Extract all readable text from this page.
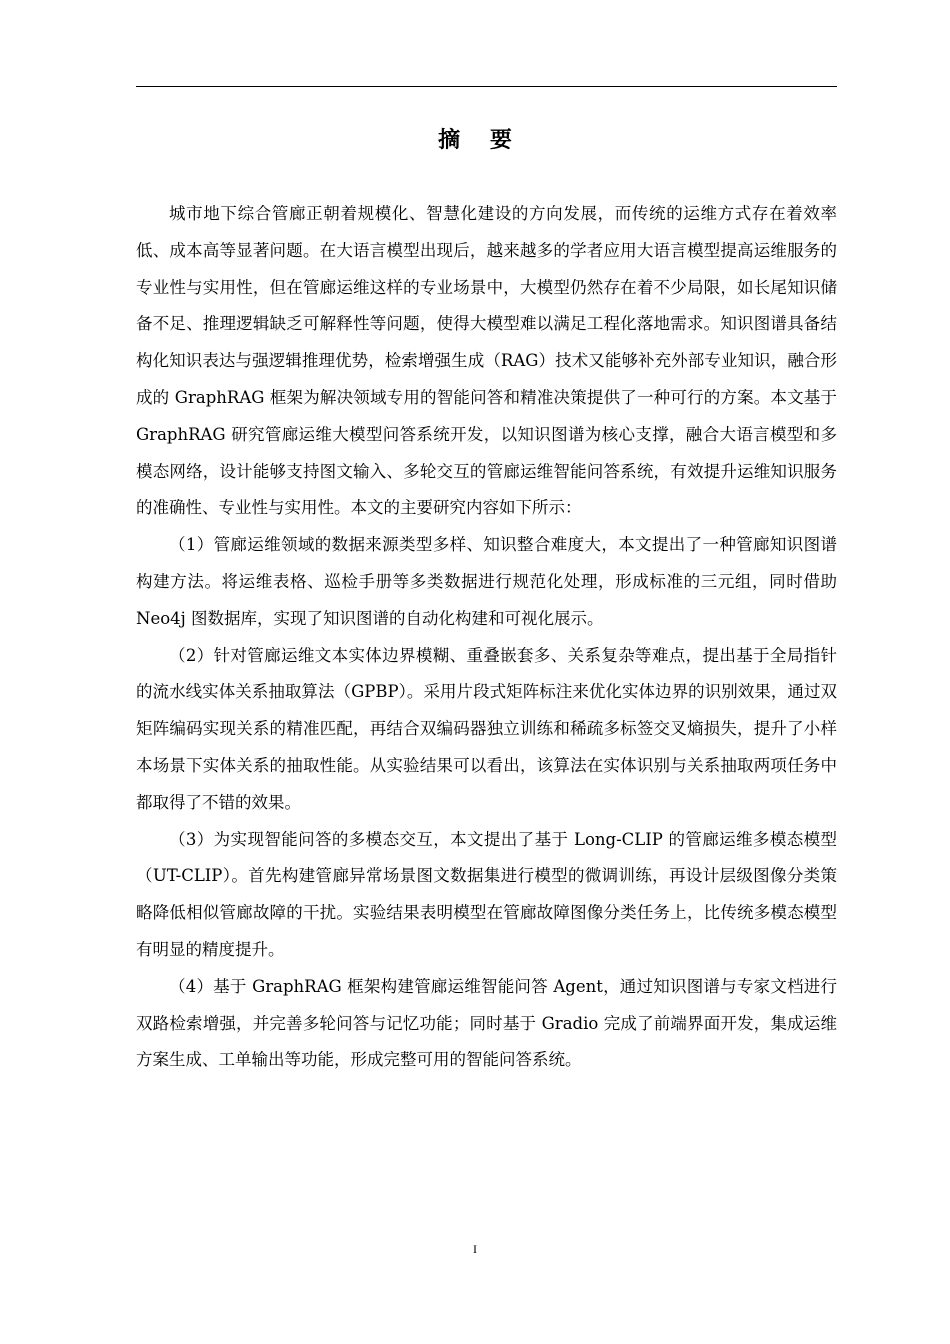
摘 要

城市地下综合管廊正朝着规模化、智慧化建设的方向发展，而传统的运维方式存在着效率低、成本高等显著问题。在大语言模型出现后，越来越多的学者应用大语言模型提高运维服务的专业性与实用性，但在管廊运维这样的专业场景中，大模型仍然存在着不少局限，如长尾知识储备不足、推理逻辑缺乏可解释性等问题，使得大模型难以满足工程化落地需求。知识图谱具备结构化知识表达与强逻辑推理优势，检索增强生成（RAG）技术又能够补充外部专业知识，融合形成的 GraphRAG 框架为解决领域专用的智能问答和精准决策提供了一种可行的方案。本文基于 GraphRAG 研究管廊运维大模型问答系统开发，以知识图谱为核心支撑，融合大语言模型和多模态网络，设计能够支持图文输入、多轮交互的管廊运维智能问答系统，有效提升运维知识服务的准确性、专业性与实用性。本文的主要研究内容如下所示：

（1）管廊运维领域的数据来源类型多样、知识整合难度大，本文提出了一种管廊知识图谱构建方法。将运维表格、巡检手册等多类数据进行规范化处理，形成标准的三元组，同时借助 Neo4j 图数据库，实现了知识图谱的自动化构建和可视化展示。

（2）针对管廊运维文本实体边界模糊、重叠嵌套多、关系复杂等难点，提出基于全局指针的流水线实体关系抽取算法（GPBP）。采用片段式矩阵标注来优化实体边界的识别效果，通过双矩阵编码实现关系的精准匹配，再结合双编码器独立训练和稀疏多标签交叉熵损失，提升了小样本场景下实体关系的抽取性能。从实验结果可以看出，该算法在实体识别与关系抽取两项任务中都取得了不错的效果。

（3）为实现智能问答的多模态交互，本文提出了基于 Long-CLIP 的管廊运维多模态模型（UT-CLIP）。首先构建管廊异常场景图文数据集进行模型的微调训练，再设计层级图像分类策略降低相似管廊故障的干扰。实验结果表明模型在管廊故障图像分类任务上，比传统多模态模型有明显的精度提升。

（4）基于 GraphRAG 框架构建管廊运维智能问答 Agent，通过知识图谱与专家文档进行双路检索增强，并完善多轮问答与记忆功能；同时基于 Gradio 完成了前端界面开发，集成运维方案生成、工单输出等功能，形成完整可用的智能问答系统。

I
